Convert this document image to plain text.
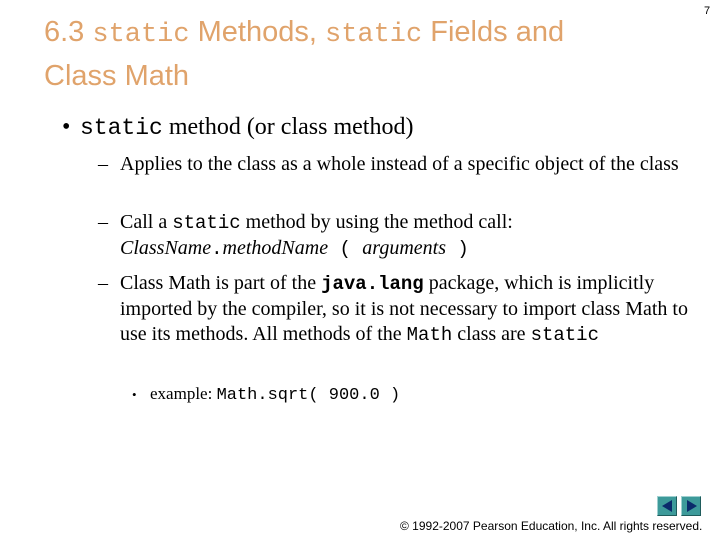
6.3 static Methods, static Fields and
Class Math
7
• static method (or class method)
– Applies to the class as a whole instead of a specific object of the class
– Call a static method by using the method call:
ClassName.methodName ( arguments )
– Class Math is part of the java.lang package, which is implicitly imported by the compiler, so it is not necessary to import class Math to use its methods. All methods of the Math class are static
• example: Math.sqrt( 900.0 )
© 1992-2007 Pearson Education, Inc. All rights reserved.
